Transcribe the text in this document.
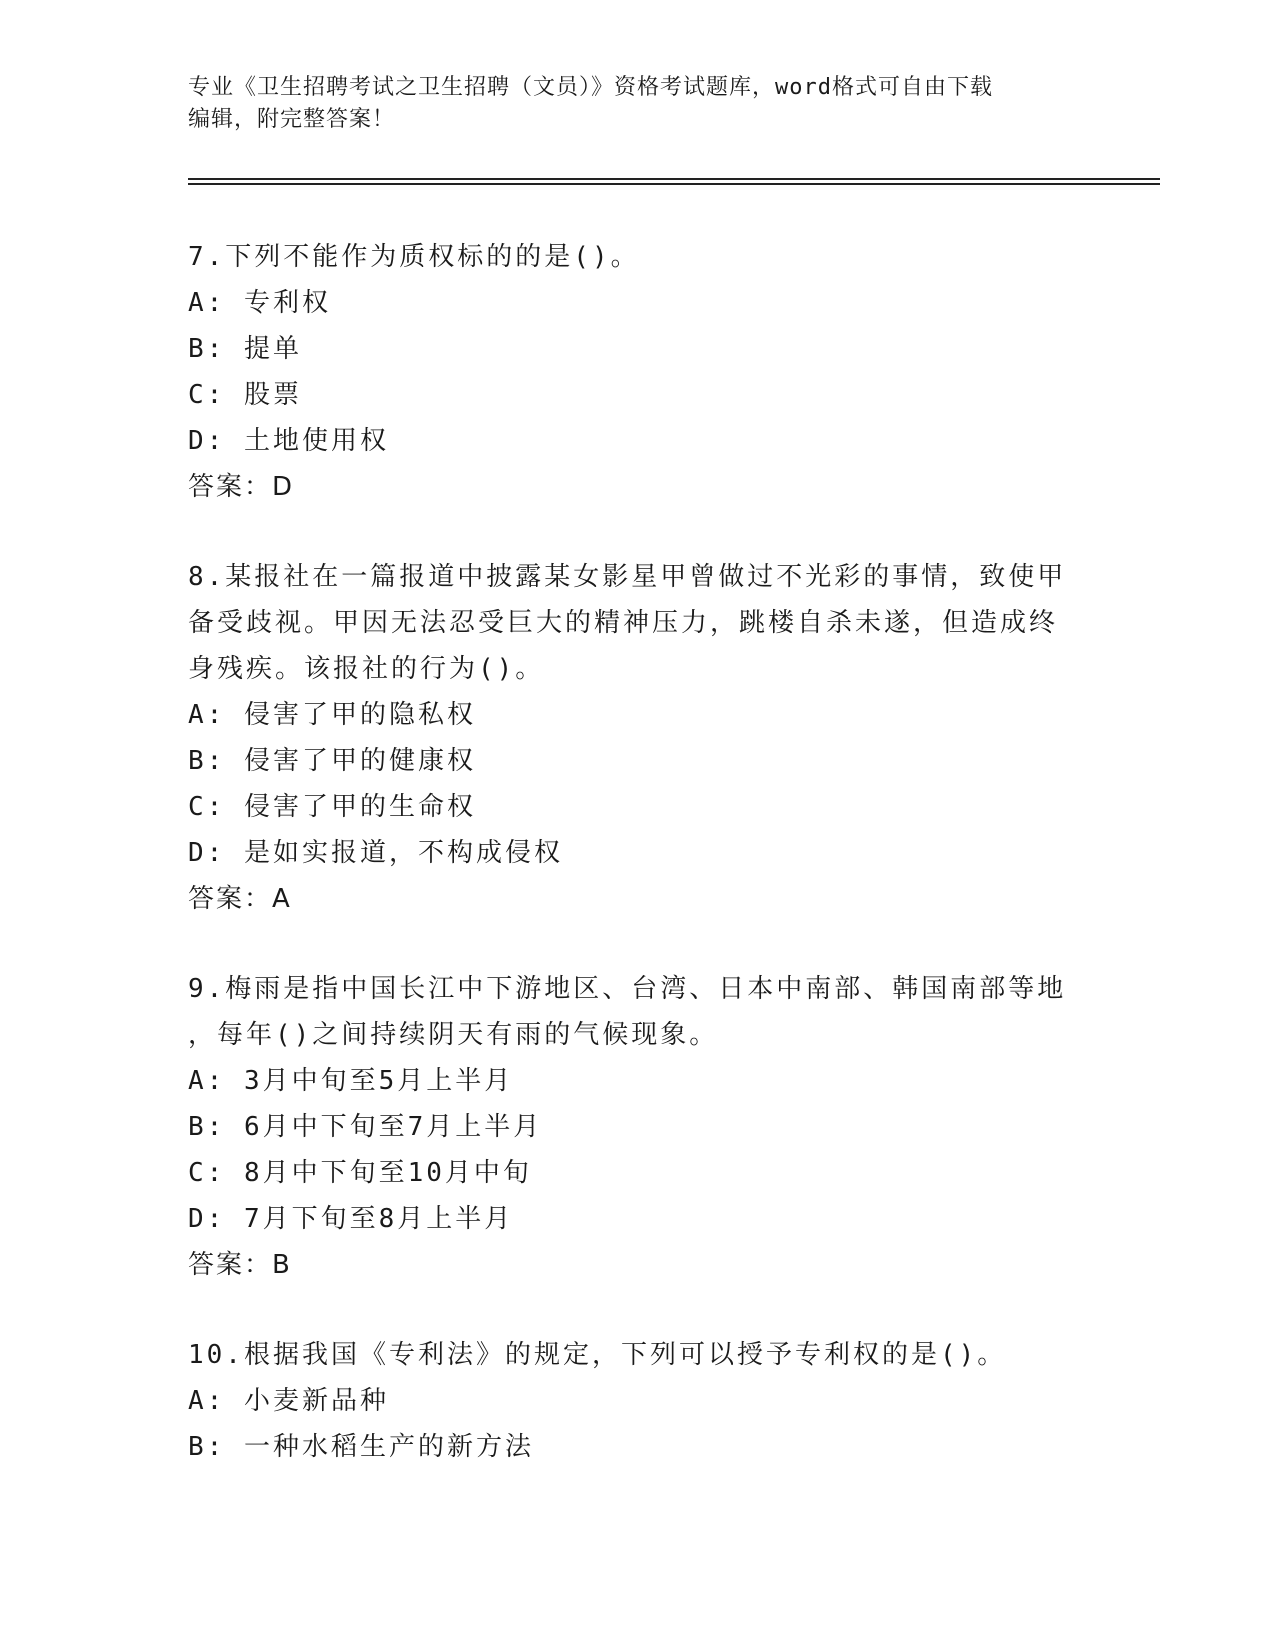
专业《卫生招聘考试之卫生招聘（文员）》资格考试题库，word格式可自由下载
编辑，附完整答案！

7.下列不能作为质权标的的是()。

A: 专利权

B: 提单

C: 股票

D: 土地使用权

答案：D

8.某报社在一篇报道中披露某女影星甲曾做过不光彩的事情，致使甲

备受歧视。甲因无法忍受巨大的精神压力，跳楼自杀未遂，但造成终

身残疾。该报社的行为()。

A: 侵害了甲的隐私权

B: 侵害了甲的健康权

C: 侵害了甲的生命权

D: 是如实报道，不构成侵权

答案：A

9.梅雨是指中国长江中下游地区、台湾、日本中南部、韩国南部等地

，每年()之间持续阴天有雨的气候现象。

A: 3月中旬至5月上半月

B: 6月中下旬至7月上半月

C: 8月中下旬至10月中旬

D: 7月下旬至8月上半月

答案：B

10.根据我国《专利法》的规定，下列可以授予专利权的是()。

A: 小麦新品种

B: 一种水稻生产的新方法
